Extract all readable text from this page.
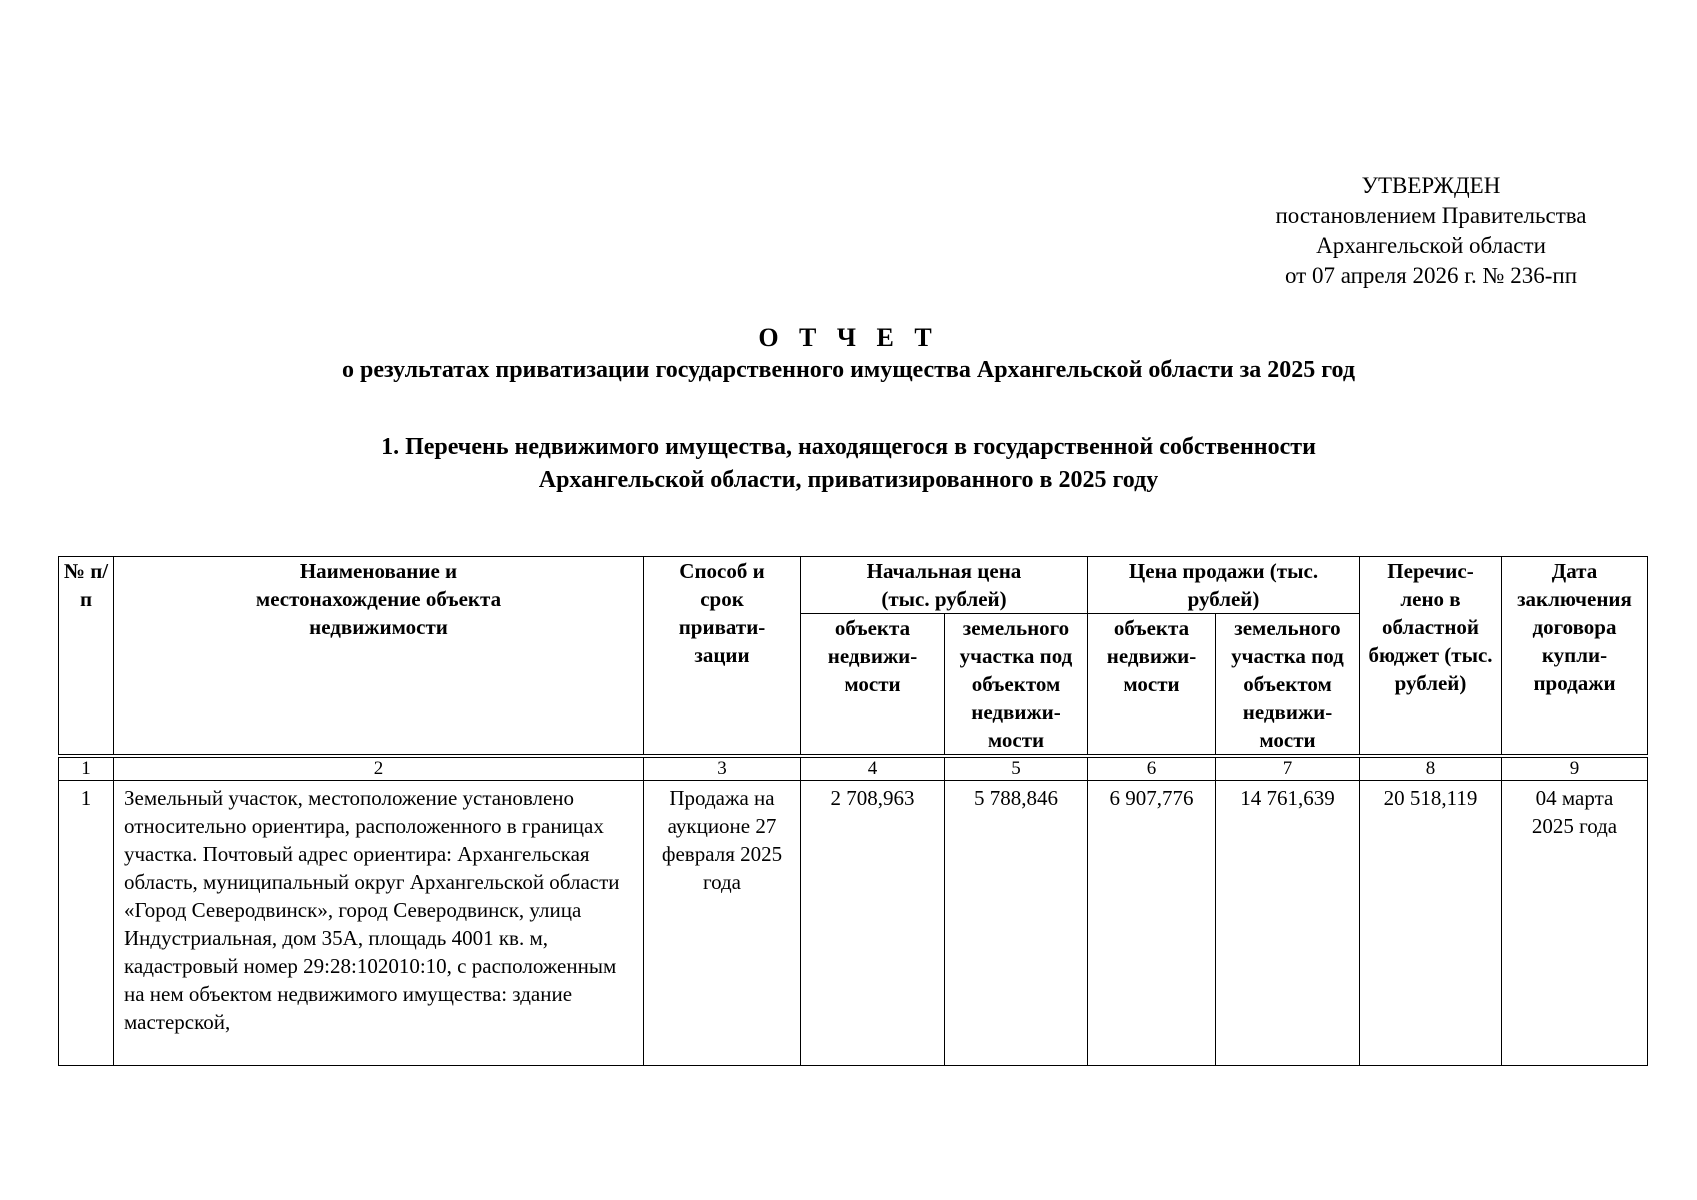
УТВЕРЖДЕН
постановлением Правительства
Архангельской области
от 07 апреля 2026 г. № 236-пп
О Т Ч Е Т
о результатах приватизации государственного имущества Архангельской области за 2025 год
1. Перечень недвижимого имущества, находящегося в государственной собственности
Архангельской области, приватизированного в 2025 году
№ п/п	Наименование и местонахождение объекта недвижимости	Способ и срок привати-зации	Начальная цена (тыс. рублей)		Цена продажи (тыс. рублей)		Перечис-лено в областной бюджет (тыс. рублей)	Дата заключения договора купли-продажи

			объекта недвижи-мости	земельного участка под объектом недвижи-мости	объекта недвижи-мости	земельного участка под объектом недвижи-мости		

1	2	3	4	5	6	7	8	9
1	Земельный участок, местоположение установлено относительно ориентира, расположенного в границах участка. Почтовый адрес ориентира: Архангельская область, муниципальный округ Архангельской области «Город Северодвинск», город Северодвинск, улица Индустриальная, дом 35А, площадь 4001 кв. м, кадастровый номер 29:28:102010:10, с расположенным на нем объектом недвижимого имущества: здание мастерской,	Продажа на аукционе 27 февраля 2025 года	2 708,963	5 788,846	6 907,776	14 761,639	20 518,119	04 марта 2025 года
